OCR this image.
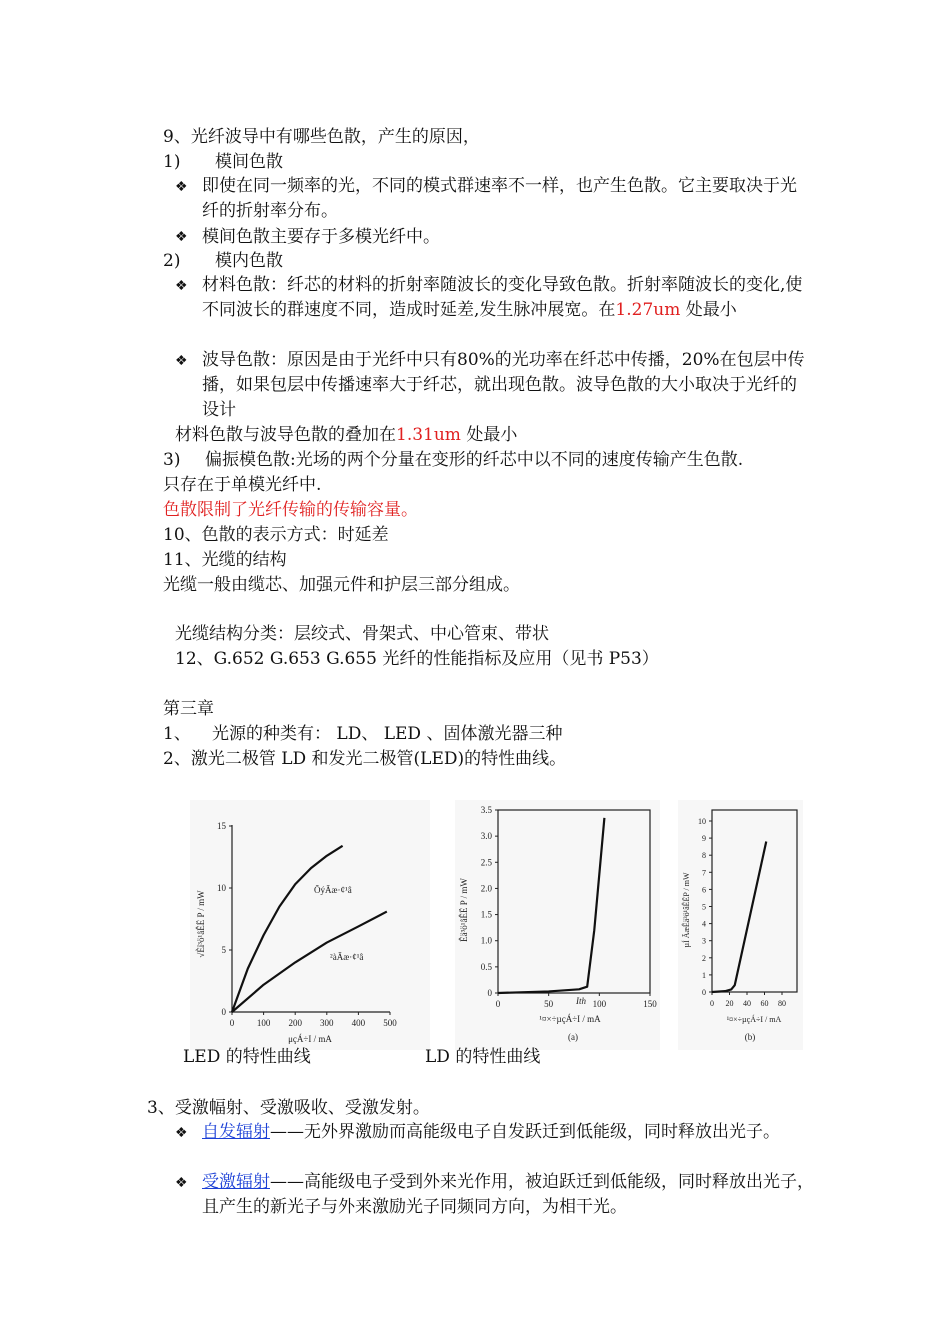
9、光纤波导中有哪些色散，产生的原因，
1) 模间色散
❖ 即使在同一频率的光，不同的模式群速率不一样，也产生色散。它主要取决于光纤的折射率分布。
❖ 模间色散主要存于多模光纤中。
2) 模内色散
❖ 材料色散：纤芯的材料的折射率随波长的变化导致色散。折射率随波长的变化,使不同波长的群速度不同，造成时延差,发生脉冲展宽。在1.27um 处最小
❖ 波导色散：原因是由于光纤中只有80%的光功率在纤芯中传播，20%在包层中传播，如果包层中传播速率大于纤芯，就出现色散。波导色散的大小取决于光纤的设计
材料色散与波导色散的叠加在1.31um 处最小
3) 偏振模色散:光场的两个分量在变形的纤芯中以不同的速度传输产生色散.
只存在于单模光纤中.
色散限制了光纤传输的传输容量。
10、色散的表示方式：时延差
11、光缆的结构
光缆一般由缆芯、加强元件和护层三部分组成。
光缆结构分类：层绞式、骨架式、中心管束、带状
12、G.652 G.653 G.655 光纤的性能指标及应用（见书 P53）
第三章
1、 光源的种类有： LD、 LED 、固体激光器三种
2、激光二极管 LD 和发光二极管(LED)的特性曲线。
0	100 200 300 400 500
0
5
10
15
ÕýÃæ·¢¹â
²àÃæ·¢¹â
√Èï³ö¹âÊË P / mW
μçÁ÷I / mA
0	50	100	150
0
0.5
1.0
1.5
2.0
2.5
3.0
3.5
Ith
Êä³ö¹âÊË P / mW
¹¤×÷µçÁ÷I / mA
(a)
0 20 40 60 80
0
1
2
3
4
5
6
7
8
9
10
µÍ ÃæÊä³ö¹âÊËP / mW
¹¤×÷µçÁ÷I / mA
(b)
LED 的特性曲线	LD 的特性曲线
3、受激幅射、受激吸收、受激发射。
❖ 自发辐射——无外界激励而高能级电子自发跃迁到低能级，同时释放出光子。
❖ 受激辐射——高能级电子受到外来光作用，被迫跃迁到低能级，同时释放出光子，且产生的新光子与外来激励光子同频同方向，为相干光。
